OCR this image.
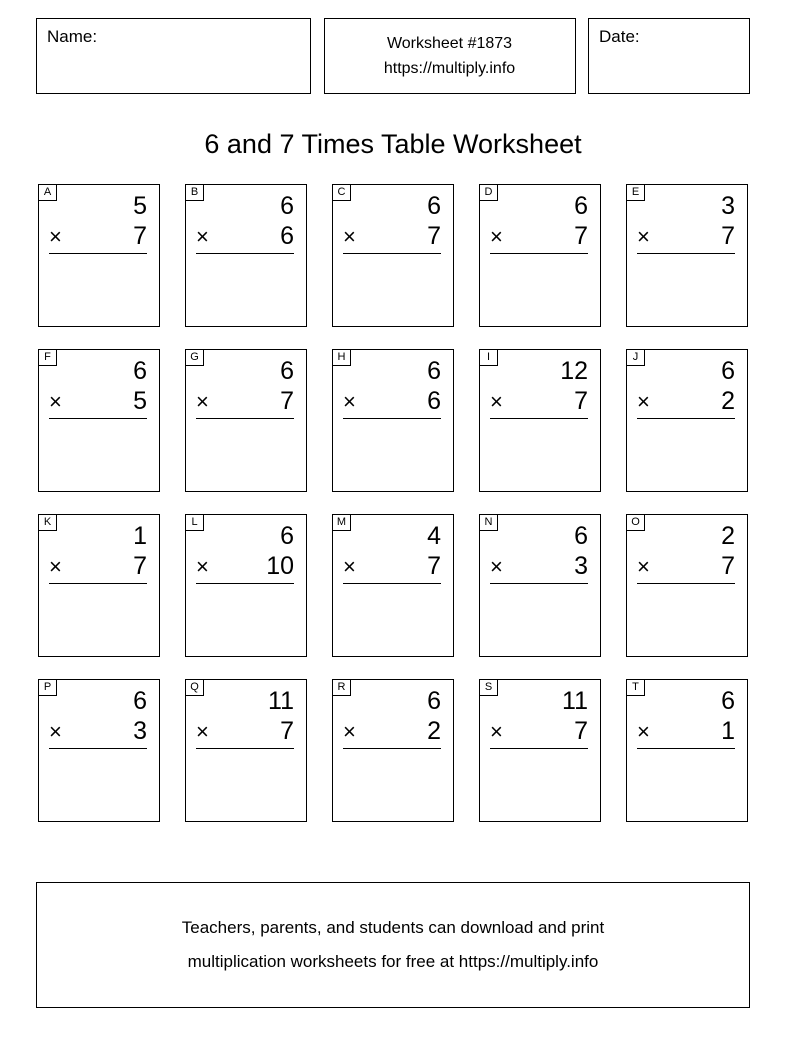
Name:	Worksheet #1873
https://multiply.info
Date:
6 and 7 Times Table Worksheet
A	5
×	7
B	6
×	6
C	6
×	7
D	6
×	7
E	3
×	7
F	6
×	5
G	6
×	7
H	6
×	6
I	12
×	7
J	6
×	2
K	1
×	7
L	6
× 10
M	4
×	7
N	6
×	3
O	2
×	7
P	6
×	3
Q	11
×	7
R	6
×	2
S	11
×	7
T	6
×	1
Teachers, parents, and students can download and print
multiplication worksheets for free at https://multiply.info
